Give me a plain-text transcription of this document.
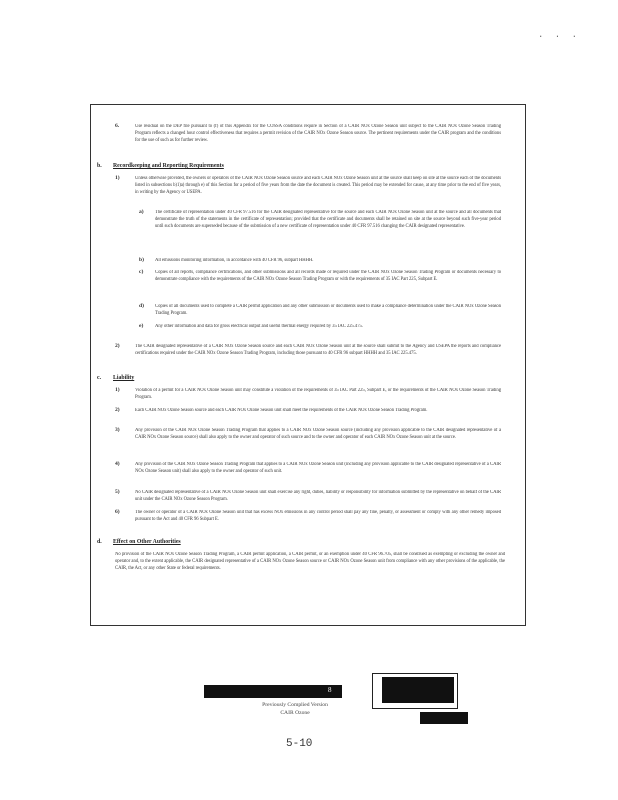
· · ·
6.	Use residual on the DEP file pursuant to (f) of this Appendix for the COSSA conditions require in Section of a CAIR NOx Ozone Season unit subject to the CAIR NOx Ozone Season Trading Program reflects a changed hour control effectiveness that requires a permit revision of the CAIR NOx Ozone Season source. The pertinent requirements under the CAIR program and the conditions for the use of such as for further review.
b. Recordkeeping and Reporting Requirements
1)	Unless otherwise provided, the owners or operators of the CAIR NOx Ozone Season source and each CAIR NOx Ozone Season unit at the source shall keep on site at the source each of the documents listed in subsections b)1)a) through e) of this Section for a period of five years from the date the document is created. This period may be extended for cause, at any time prior to the end of five years, in writing by the Agency or USEPA.
a) The certificate of representation under 40 CFR 97.516 for the CAIR designated representative for the source and each CAIR NOx Ozone Season unit at the source and all documents that demonstrate the truth of the statements in the certificate of representation; provided that the certificate and documents shall be retained on site at the source beyond such five-year period until such documents are superseded because of the submission of a new certificate of representation under 40 CFR 97.516 changing the CAIR designated representative.
b) All emissions monitoring information, in accordance with 40 CFR 96, subpart HHHH.
c) Copies of all reports, compliance certifications, and other submissions and all records made or required under the CAIR NOx Ozone Season Trading Program or documents necessary to demonstrate compliance with the requirements of the CAIR NOx Ozone Season Trading Program or with the requirements of 35 IAC Part 225, Subpart E.
d) Copies of all documents used to complete a CAIR permit application and any other submission or documents used to make a compliance determination under the CAIR NOx Ozone Season Trading Program.
e) Any other information and data for gross electrical output and useful thermal energy required by 35 IAC 225.475.
2)	The CAIR designated representative of a CAIR NOx Ozone Season source and each CAIR NOx Ozone Season unit at the source shall submit to the Agency and USEPA the reports and compliance certifications required under the CAIR NOx Ozone Season Trading Program, including those pursuant to 40 CFR 96 subpart HHHH and 35 IAC 225.475.
c. Liability
1)	Violation of a permit for a CAIR NOx Ozone Season unit may constitute a violation of the requirements of 35 IAC Part 225, Subpart E, or the requirements of the CAIR NOx Ozone Season Trading Program.
2)	Each CAIR NOx Ozone Season source and each CAIR NOx Ozone Season unit shall meet the requirements of the CAIR NOx Ozone Season Trading Program.
3)	Any provision of the CAIR NOx Ozone Season Trading Program that applies to a CAIR NOx Ozone Season source (including any provision applicable to the CAIR designated representative of a CAIR NOx Ozone Season source) shall also apply to the owner and operator of such source and to the owner and operator of each CAIR NOx Ozone Season unit at the source.
4)	Any provision of the CAIR NOx Ozone Season Trading Program that applies to a CAIR NOx Ozone Season unit (including any provision applicable to the CAIR designated representative of a CAIR NOx Ozone Season unit) shall also apply to the owner and operator of such unit.
5)	No CAIR designated representative of a CAIR NOx Ozone Season unit shall exercise any right, duties, liability or responsibility for information submitted by the representative on behalf of the CAIR unit under the CAIR NOx Ozone Season Program.
6)	The owner or operator of a CAIR NOx Ozone Season unit that has excess NOx emissions in any control period shall pay any fine, penalty, or assessment or comply with any other remedy imposed pursuant to the Act and 40 CFR 96 Subpart E.
d. Effect on Other Authorities
No provision of the CAIR NOx Ozone Season Trading Program, a CAIR permit application, a CAIR permit, or an exemption under 40 CFR 96.705, shall be construed as exempting or excluding the owner and operator and, to the extent applicable, the CAIR designated representative of a CAIR NOx Ozone Season source or CAIR NOx Ozone Season unit from compliance with any other provisions of the applicable, the CAIR, the Act, or any other State or federal requirements.
8
Previously Complied Version
CAIR Ozone
5-10
